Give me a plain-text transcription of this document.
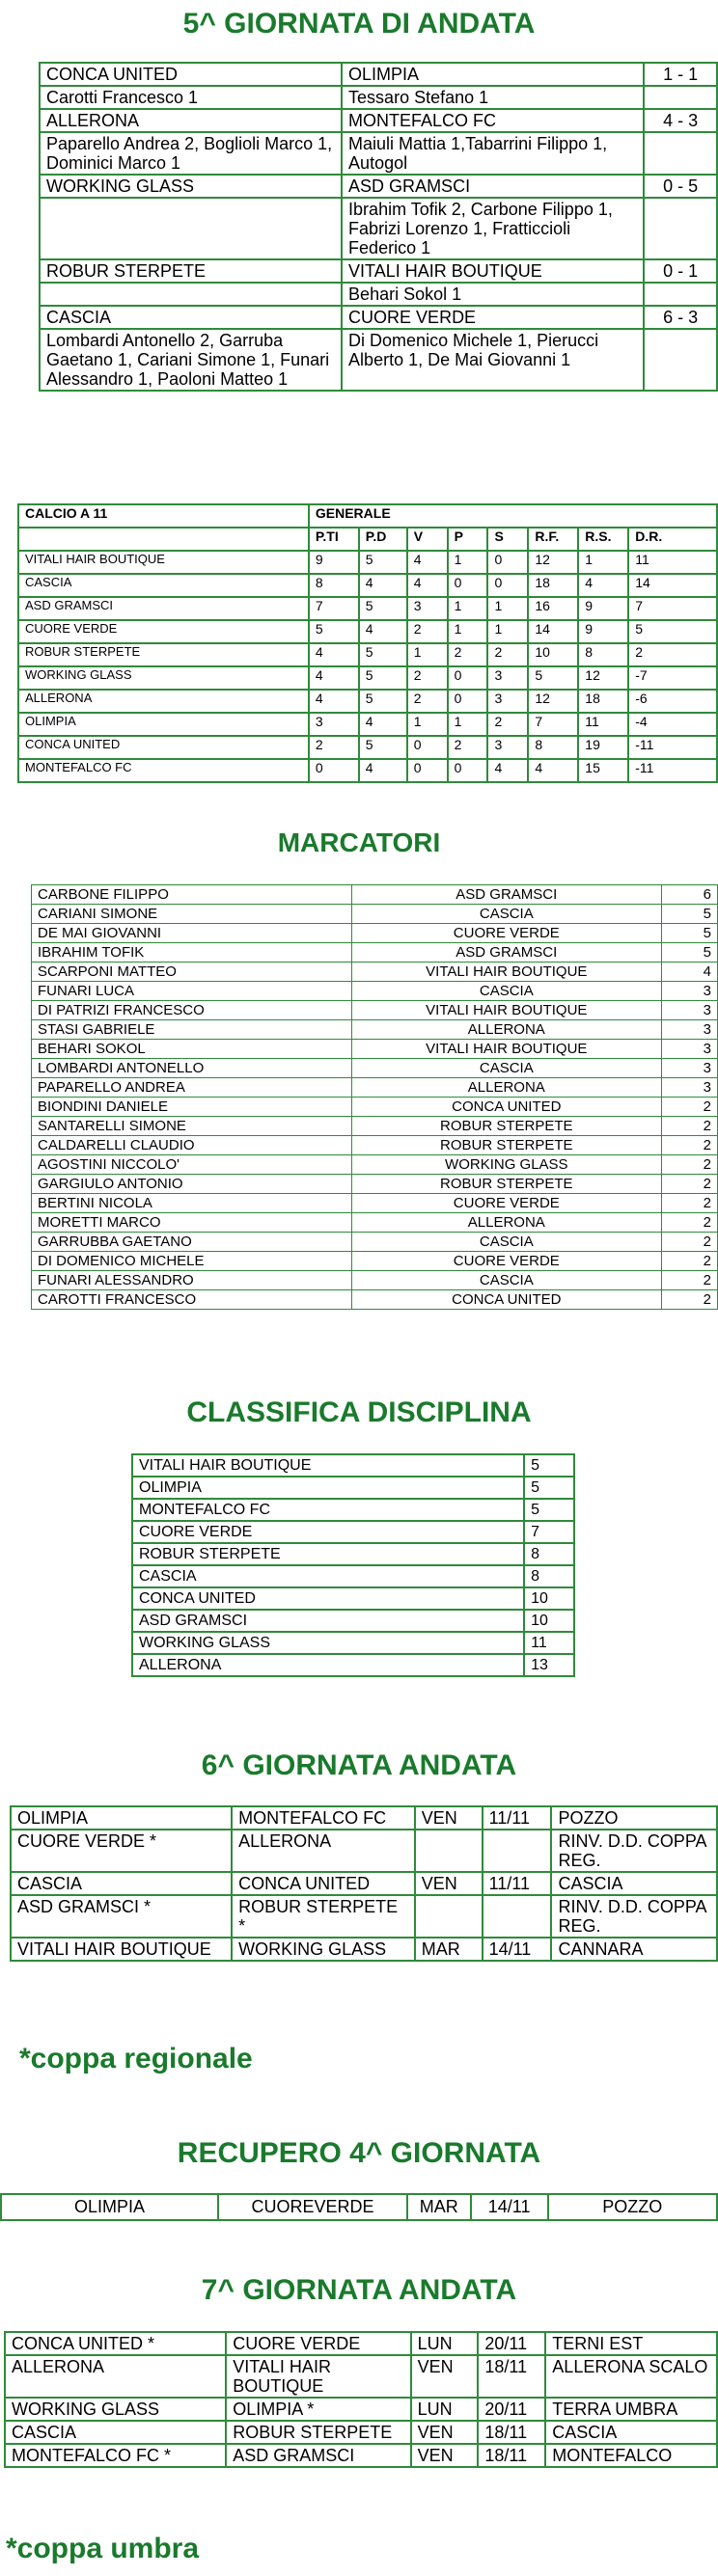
5^ GIORNATA DI ANDATA
CONCA UNITED	OLIMPIA	1 - 1
Carotti Francesco 1	Tessaro Stefano 1	
ALLERONA	MONTEFALCO FC	4 - 3
Paparello Andrea 2, Boglioli Marco 1, Dominici Marco 1	Maiuli Mattia 1,Tabarrini Filippo 1, Autogol	
WORKING GLASS	ASD GRAMSCI	0 - 5
	Ibrahim Tofik 2, Carbone Filippo 1, Fabrizi Lorenzo 1, Fratticcioli Federico 1	
ROBUR STERPETE	VITALI HAIR BOUTIQUE	0 - 1
	Behari Sokol 1	
CASCIA	CUORE VERDE	6 - 3
Lombardi Antonello 2, Garruba Gaetano 1, Cariani Simone 1, Funari Alessandro 1, Paoloni Matteo 1	Di Domenico Michele 1, Pierucci Alberto 1, De Mai Giovanni 1	
CALCIO A 11	GENERALE							
	P.TI	P.D	V	P	S	R.F.	R.S.	D.R.
VITALI HAIR BOUTIQUE	9	5	4	1	0	12	1	11
CASCIA	8	4	4	0	0	18	4	14
ASD GRAMSCI	7	5	3	1	1	16	9	7
CUORE VERDE	5	4	2	1	1	14	9	5
ROBUR STERPETE	4	5	1	2	2	10	8	2
WORKING GLASS	4	5	2	0	3	5	12	-7
ALLERONA	4	5	2	0	3	12	18	-6
OLIMPIA	3	4	1	1	2	7	11	-4
CONCA UNITED	2	5	0	2	3	8	19	-11
MONTEFALCO FC	0	4	0	0	4	4	15	-11
MARCATORI
CARBONE FILIPPO	ASD GRAMSCI	6
CARIANI SIMONE	CASCIA	5
DE MAI GIOVANNI	CUORE VERDE	5
IBRAHIM TOFIK	ASD GRAMSCI	5
SCARPONI MATTEO	VITALI HAIR BOUTIQUE	4
FUNARI LUCA	CASCIA	3
DI PATRIZI FRANCESCO	VITALI HAIR BOUTIQUE	3
STASI GABRIELE	ALLERONA	3
BEHARI SOKOL	VITALI HAIR BOUTIQUE	3
LOMBARDI ANTONELLO	CASCIA	3
PAPARELLO ANDREA	ALLERONA	3
BIONDINI DANIELE	CONCA UNITED	2
SANTARELLI SIMONE	ROBUR STERPETE	2
CALDARELLI CLAUDIO	ROBUR STERPETE	2
AGOSTINI NICCOLO'	WORKING GLASS	2
GARGIULO ANTONIO	ROBUR STERPETE	2
BERTINI NICOLA	CUORE VERDE	2
MORETTI MARCO	ALLERONA	2
GARRUBBA GAETANO	CASCIA	2
DI DOMENICO MICHELE	CUORE VERDE	2
FUNARI ALESSANDRO	CASCIA	2
CAROTTI FRANCESCO	CONCA UNITED	2
CLASSIFICA DISCIPLINA
VITALI HAIR BOUTIQUE	5
OLIMPIA	5
MONTEFALCO FC	5
CUORE VERDE	7
ROBUR STERPETE	8
CASCIA	8
CONCA UNITED	10
ASD GRAMSCI	10
WORKING GLASS	11
ALLERONA	13
6^ GIORNATA ANDATA
OLIMPIA	MONTEFALCO FC	VEN	11/11	POZZO
CUORE VERDE *	ALLERONA			RINV. D.D. COPPA REG.
CASCIA	CONCA UNITED	VEN	11/11	CASCIA
ASD GRAMSCI *	ROBUR STERPETE *			RINV. D.D. COPPA REG.
VITALI HAIR BOUTIQUE	WORKING GLASS	MAR	14/11	CANNARA
*coppa regionale
RECUPERO 4^ GIORNATA
OLIMPIA	CUOREVERDE	MAR	14/11	POZZO
7^ GIORNATA ANDATA
CONCA UNITED *	CUORE VERDE	LUN	20/11	TERNI EST
ALLERONA	VITALI HAIR BOUTIQUE	VEN	18/11	ALLERONA SCALO
WORKING GLASS	OLIMPIA *	LUN	20/11	TERRA UMBRA
CASCIA	ROBUR STERPETE	VEN	18/11	CASCIA
MONTEFALCO FC *	ASD GRAMSCI	VEN	18/11	MONTEFALCO
*coppa umbra
